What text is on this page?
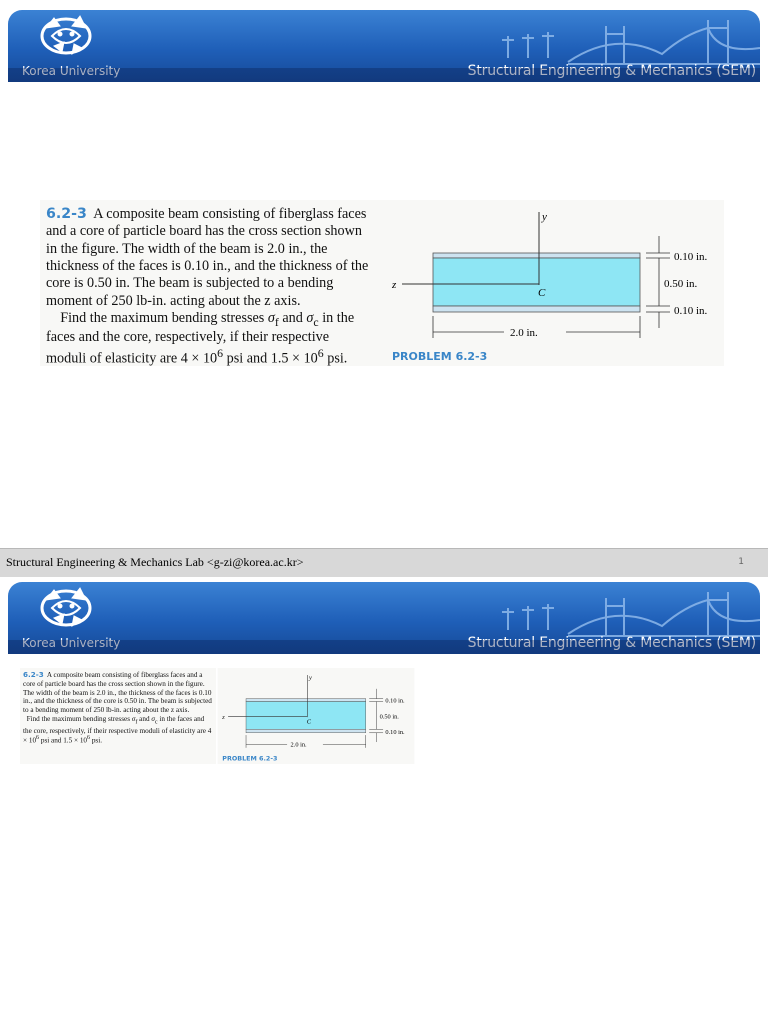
Korea University	Structural Engineering & Mechanics (SEM)
6.2-3 A composite beam consisting of fiberglass faces and a core of particle board has the cross section shown in the figure. The width of the beam is 2.0 in., the thickness of the faces is 0.10 in., and the thickness of the core is 0.50 in. The beam is subjected to a bending moment of 250 lb-in. acting about the z axis.
Find the maximum bending stresses $\sigma_f$ and $\sigma_c$ in the faces and the core, respectively, if their respective moduli of elasticity are $4 \times 10^6$ psi and $1.5 \times 10^6$ psi.
y
z
C
0.10 in.
0.50 in.
0.10 in.
2.0 in.
PROBLEM 6.2-3
Structural Engineering & Mechanics Lab <g-zi@korea.ac.kr>	1
Korea University	Structural Engineering & Mechanics (SEM)
6.2-3 A composite beam consisting of fiberglass faces and a core of particle board has the cross section shown in the figure. The width of the beam is 2.0 in., the thickness of the faces is 0.10 in., and the thickness of the core is 0.50 in. The beam is subjected to a bending moment of 250 lb-in. acting about the z axis.
Find the maximum bending stresses $\sigma_f$ and $\sigma_c$ in the faces and the core, respectively, if their respective moduli of elasticity are $4 \times 10^6$ psi and $1.5 \times 10^6$ psi.
y
z
C
0.10 in.
0.50 in.
0.10 in.
2.0 in.
PROBLEM 6.2-3
